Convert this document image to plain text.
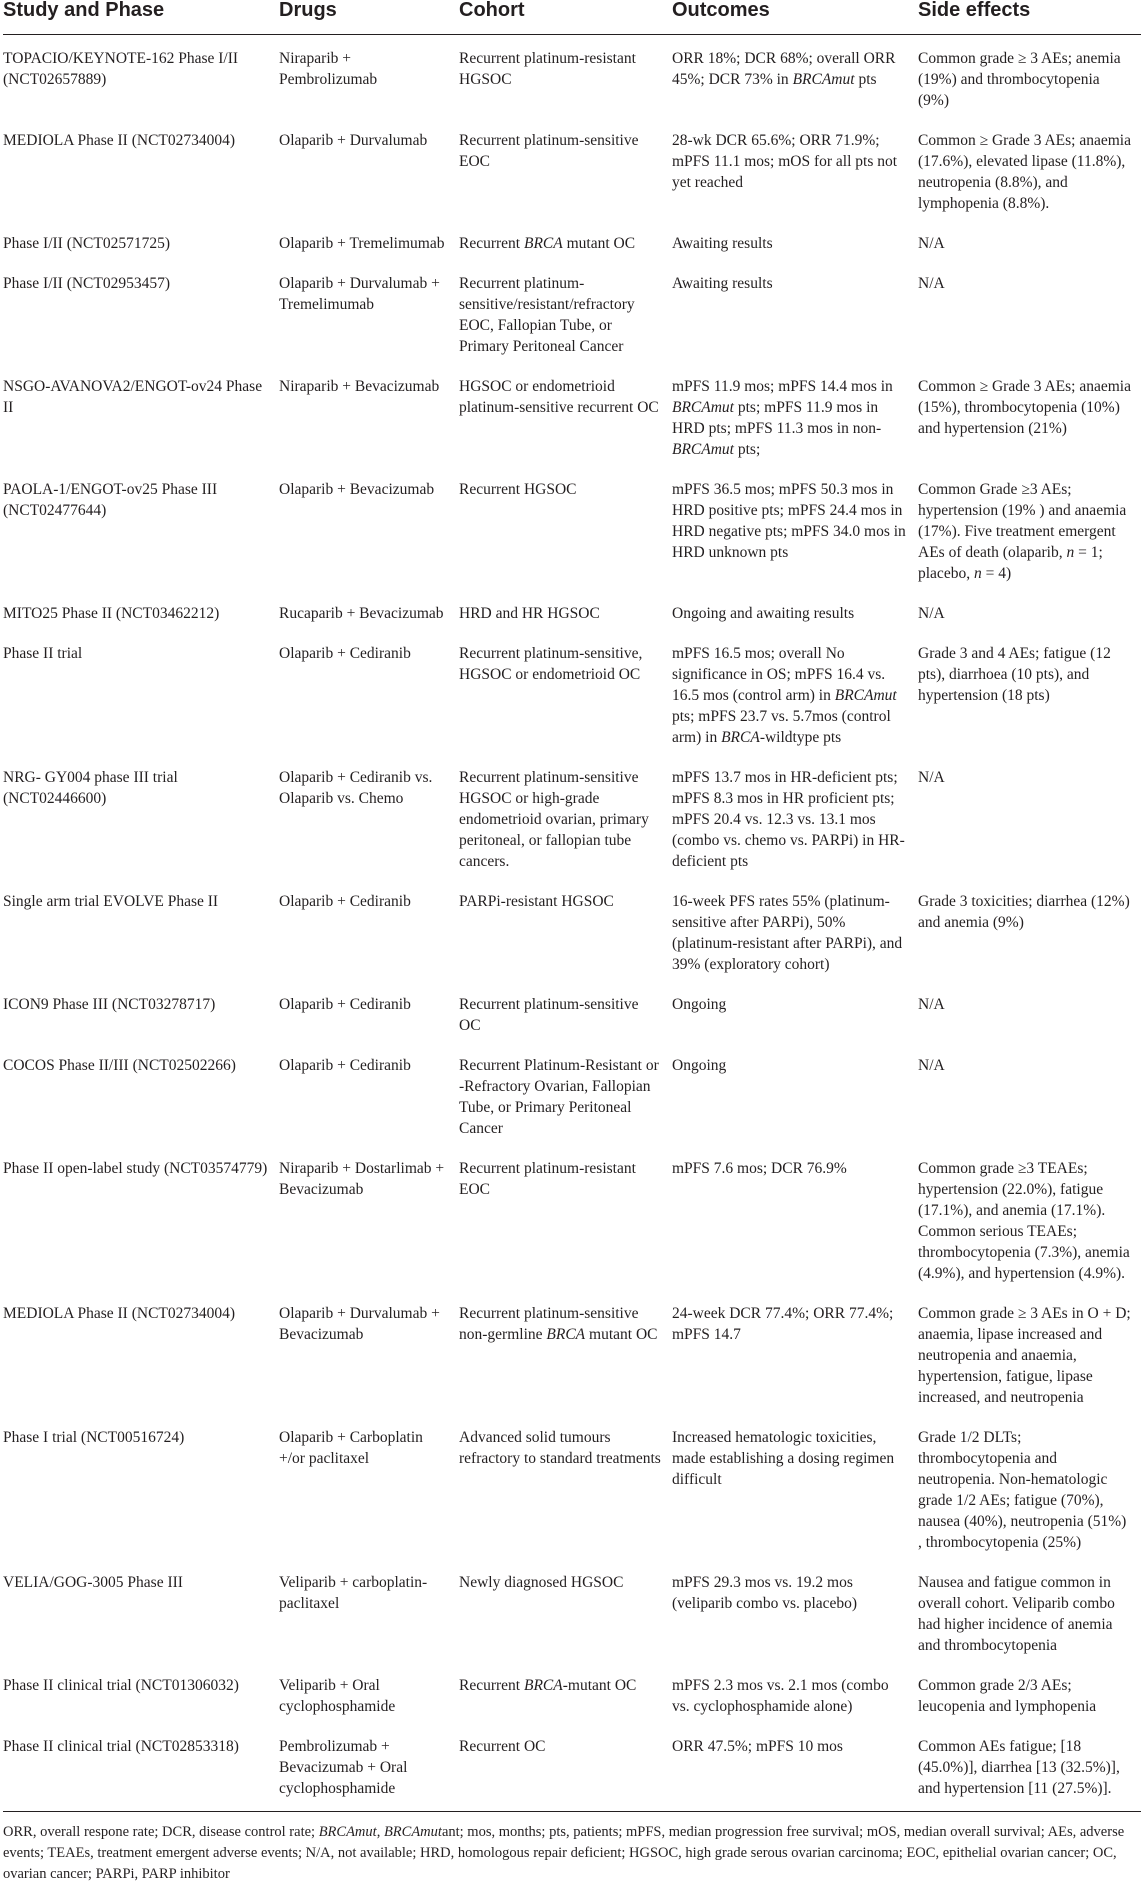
Study and Phase	Drugs	Cohort	Outcomes	Side effects
TOPACIO/KEYNOTE-162 Phase I/II (NCT02657889)	Niraparib + Pembrolizumab	Recurrent platinum-resistant HGSOC	ORR 18%; DCR 68%; overall ORR 45%; DCR 73% in BRCAmut pts	Common grade ≥ 3 AEs; anemia (19%) and thrombocytopenia (9%)
MEDIOLA Phase II (NCT02734004)	Olaparib + Durvalumab	Recurrent platinum-sensitive EOC	28-wk DCR 65.6%; ORR 71.9%; mPFS 11.1 mos; mOS for all pts not yet reached	Common ≥ Grade 3 AEs; anaemia (17.6%), elevated lipase (11.8%), neutropenia (8.8%), and lymphopenia (8.8%).
Phase I/II (NCT02571725)	Olaparib + Tremelimumab	Recurrent BRCA mutant OC	Awaiting results	N/A
Phase I/II (NCT02953457)	Olaparib + Durvalumab + Tremelimumab	Recurrent platinum-sensitive/resistant/refractory EOC, Fallopian Tube, or Primary Peritoneal Cancer	Awaiting results	N/A
NSGO-AVANOVA2/ENGOT-ov24 Phase II	Niraparib + Bevacizumab	HGSOC or endometrioid platinum-sensitive recurrent OC	mPFS 11.9 mos; mPFS 14.4 mos in BRCAmut pts; mPFS 11.9 mos in HRD pts; mPFS 11.3 mos in non-BRCAmut pts;	Common ≥ Grade 3 AEs; anaemia (15%), thrombocytopenia (10%) and hypertension (21%)
PAOLA-1/ENGOT-ov25 Phase III (NCT02477644)	Olaparib + Bevacizumab	Recurrent HGSOC	mPFS 36.5 mos; mPFS 50.3 mos in HRD positive pts; mPFS 24.4 mos in HRD negative pts; mPFS 34.0 mos in HRD unknown pts	Common Grade ≥3 AEs; hypertension (19% ) and anaemia (17%). Five treatment emergent AEs of death (olaparib, n = 1; placebo, n = 4)
MITO25 Phase II (NCT03462212)	Rucaparib + Bevacizumab	HRD and HR HGSOC	Ongoing and awaiting results	N/A
Phase II trial	Olaparib + Cediranib	Recurrent platinum-sensitive, HGSOC or endometrioid OC	mPFS 16.5 mos; overall No significance in OS; mPFS 16.4 vs. 16.5 mos (control arm) in BRCAmut pts; mPFS 23.7 vs. 5.7mos (control arm) in BRCA-wildtype pts	Grade 3 and 4 AEs; fatigue (12 pts), diarrhoea (10 pts), and hypertension (18 pts)
NRG- GY004 phase III trial (NCT02446600)	Olaparib + Cediranib vs. Olaparib vs. Chemo	Recurrent platinum-sensitive HGSOC or high-grade endometrioid ovarian, primary peritoneal, or fallopian tube cancers.	mPFS 13.7 mos in HR-deficient pts; mPFS 8.3 mos in HR proficient pts; mPFS 20.4 vs. 12.3 vs. 13.1 mos (combo vs. chemo vs. PARPi) in HR-deficient pts	N/A
Single arm trial EVOLVE Phase II	Olaparib + Cediranib	PARPi-resistant HGSOC	16-week PFS rates 55% (platinum-sensitive after PARPi), 50% (platinum-resistant after PARPi), and 39% (exploratory cohort)	Grade 3 toxicities; diarrhea (12%) and anemia (9%)
ICON9 Phase III (NCT03278717)	Olaparib + Cediranib	Recurrent platinum-sensitive OC	Ongoing	N/A
COCOS Phase II/III (NCT02502266)	Olaparib + Cediranib	Recurrent Platinum-Resistant or -Refractory Ovarian, Fallopian Tube, or Primary Peritoneal Cancer	Ongoing	N/A
Phase II open-label study (NCT03574779)	Niraparib + Dostarlimab + Bevacizumab	Recurrent platinum-resistant EOC	mPFS 7.6 mos; DCR 76.9%	Common grade ≥3 TEAEs; hypertension (22.0%), fatigue (17.1%), and anemia (17.1%). Common serious TEAEs; thrombocytopenia (7.3%), anemia (4.9%), and hypertension (4.9%).
MEDIOLA Phase II (NCT02734004)	Olaparib + Durvalumab + Bevacizumab	Recurrent platinum-sensitive non-germline BRCA mutant OC	24-week DCR 77.4%; ORR 77.4%; mPFS 14.7	Common grade ≥ 3 AEs in O + D; anaemia, lipase increased and neutropenia and anaemia, hypertension, fatigue, lipase increased, and neutropenia
Phase I trial (NCT00516724)	Olaparib + Carboplatin +/or paclitaxel	Advanced solid tumours refractory to standard treatments	Increased hematologic toxicities, made establishing a dosing regimen difficult	Grade 1/2 DLTs; thrombocytopenia and neutropenia. Non-hematologic grade 1/2 AEs; fatigue (70%), nausea (40%), neutropenia (51%) , thrombocytopenia (25%)
VELIA/GOG-3005 Phase III	Veliparib + carboplatin-paclitaxel	Newly diagnosed HGSOC	mPFS 29.3 mos vs. 19.2 mos (veliparib combo vs. placebo)	Nausea and fatigue common in overall cohort. Veliparib combo had higher incidence of anemia and thrombocytopenia
Phase II clinical trial (NCT01306032)	Veliparib + Oral cyclophosphamide	Recurrent BRCA-mutant OC	mPFS 2.3 mos vs. 2.1 mos (combo vs. cyclophosphamide alone)	Common grade 2/3 AEs; leucopenia and lymphopenia
Phase II clinical trial (NCT02853318)	Pembrolizumab + Bevacizumab + Oral cyclophosphamide	Recurrent OC	ORR 47.5%; mPFS 10 mos	Common AEs fatigue; [18 (45.0%)], diarrhea [13 (32.5%)], and hypertension [11 (27.5%)].
ORR, overall respone rate; DCR, disease control rate; BRCAmut, BRCAmutant; mos, months; pts, patients; mPFS, median progression free survival; mOS, median overall survival; AEs, adverse events; TEAEs, treatment emergent adverse events; N/A, not available; HRD, homologous repair deficient; HGSOC, high grade serous ovarian carcinoma; EOC, epithelial ovarian cancer; OC, ovarian cancer; PARPi, PARP inhibitor
